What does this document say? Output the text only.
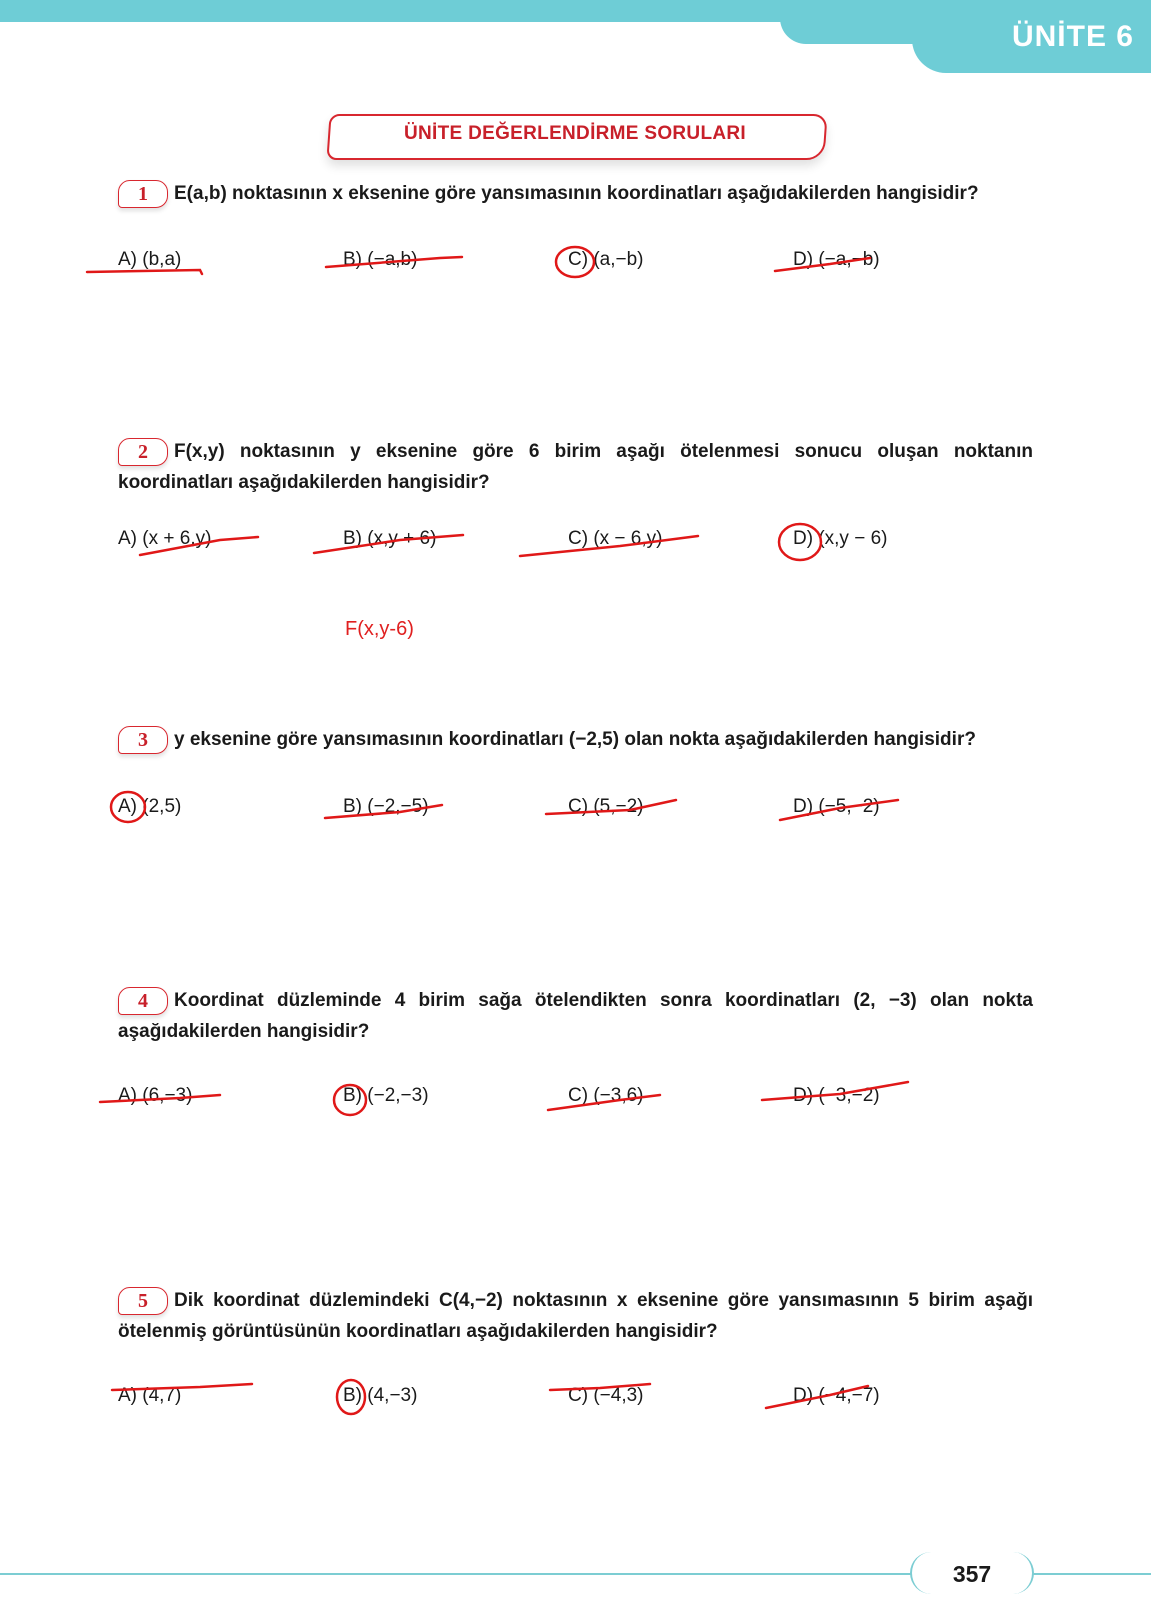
ÜNİTE 6
ÜNİTE DEĞERLENDİRME SORULARI
1 E(a,b) noktasının x eksenine göre yansımasının koordinatları aşağıdakilerden hangisidir?
A) (b,a)	B) (−a,b)	C) (a,−b)	D) (−a,−b)
2 F(x,y) noktasının y eksenine göre 6 birim aşağı ötelenmesi sonucu oluşan noktanın koordinatları aşağıdakilerden hangisidir?
A) (x + 6,y)	B) (x,y + 6)	C) (x − 6,y)	D) (x,y − 6)
F(x,y-6)
3 y eksenine göre yansımasının koordinatları (−2,5) olan nokta aşağıdakilerden hangisidir?
A) (2,5)	B) (−2,−5)	C) (5,−2)	D) (−5,−2)
4 Koordinat düzleminde 4 birim sağa ötelendikten sonra koordinatları (2, −3) olan nokta aşağıdakilerden hangisidir?
A) (6,−3)	B) (−2,−3)	C) (−3,6)	D) (−3,−2)
5 Dik koordinat düzlemindeki C(4,−2) noktasının x eksenine göre yansımasının 5 birim aşağı ötelenmiş görüntüsünün koordinatları aşağıdakilerden hangisidir?
A) (4,7)	B) (4,−3)	C) (−4,3)	D) (−4,−7)
357
